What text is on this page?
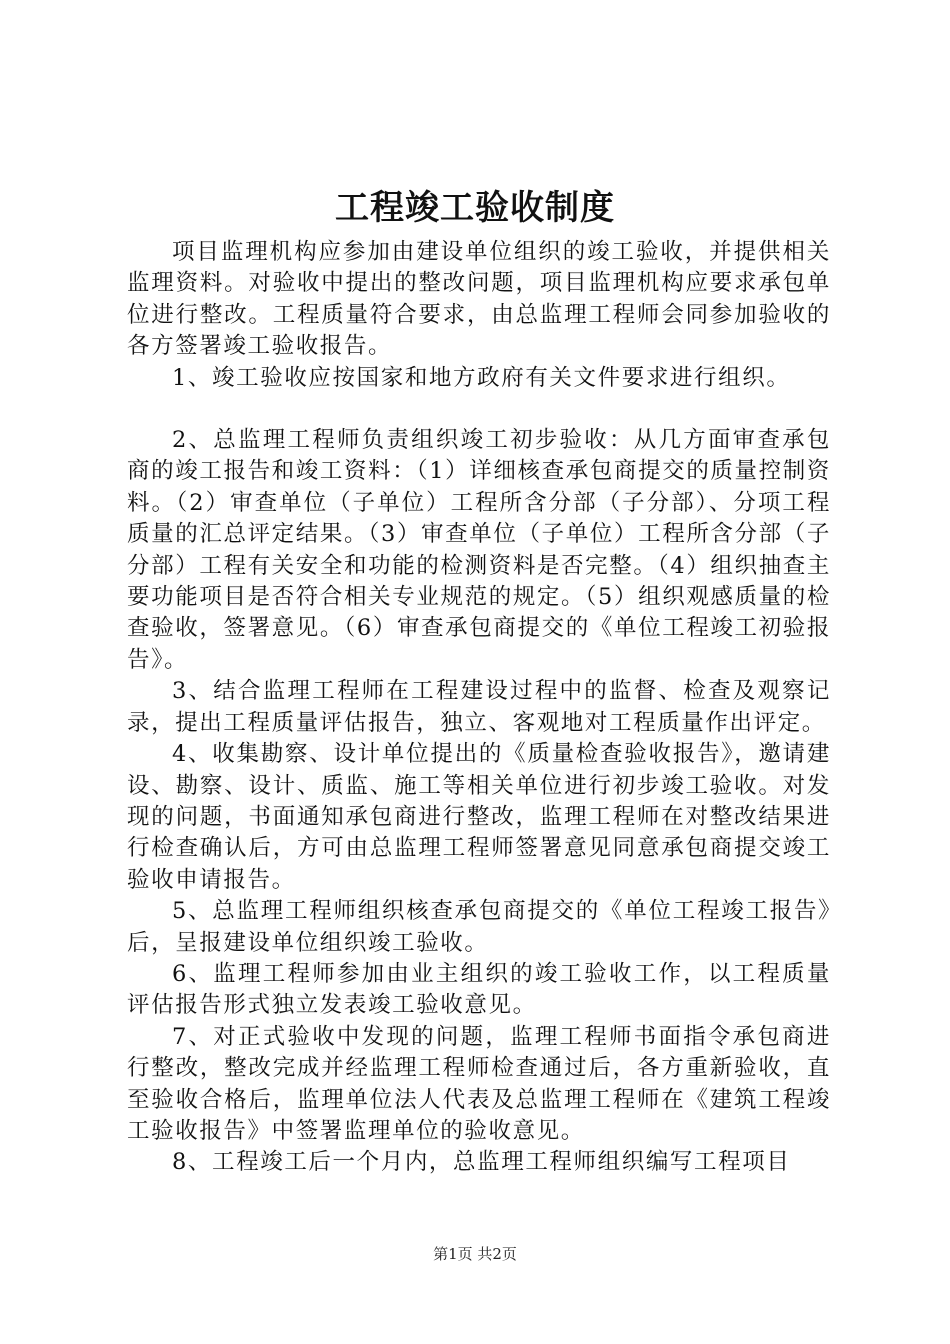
工程竣工验收制度

项目监理机构应参加由建设单位组织的竣工验收，并提供相关监理资料。对验收中提出的整改问题，项目监理机构应要求承包单位进行整改。工程质量符合要求，由总监理工程师会同参加验收的各方签署竣工验收报告。

1、竣工验收应按国家和地方政府有关文件要求进行组织。

2、总监理工程师负责组织竣工初步验收：从几方面审查承包商的竣工报告和竣工资料：（1）详细核查承包商提交的质量控制资料。（2）审查单位（子单位）工程所含分部（子分部）、分项工程质量的汇总评定结果。（3）审查单位（子单位）工程所含分部（子分部）工程有关安全和功能的检测资料是否完整。（4）组织抽查主要功能项目是否符合相关专业规范的规定。（5）组织观感质量的检查验收，签署意见。（6）审查承包商提交的《单位工程竣工初验报告》。

3、结合监理工程师在工程建设过程中的监督、检查及观察记录，提出工程质量评估报告，独立、客观地对工程质量作出评定。

4、收集勘察、设计单位提出的《质量检查验收报告》，邀请建设、勘察、设计、质监、施工等相关单位进行初步竣工验收。对发现的问题，书面通知承包商进行整改，监理工程师在对整改结果进行检查确认后，方可由总监理工程师签署意见同意承包商提交竣工验收申请报告。

5、总监理工程师组织核查承包商提交的《单位工程竣工报告》后，呈报建设单位组织竣工验收。

6、监理工程师参加由业主组织的竣工验收工作，以工程质量评估报告形式独立发表竣工验收意见。

7、对正式验收中发现的问题，监理工程师书面指令承包商进行整改，整改完成并经监理工程师检查通过后，各方重新验收，直至验收合格后，监理单位法人代表及总监理工程师在《建筑工程竣工验收报告》中签署监理单位的验收意见。

8、工程竣工后一个月内，总监理工程师组织编写工程项目

第1页 共2页
